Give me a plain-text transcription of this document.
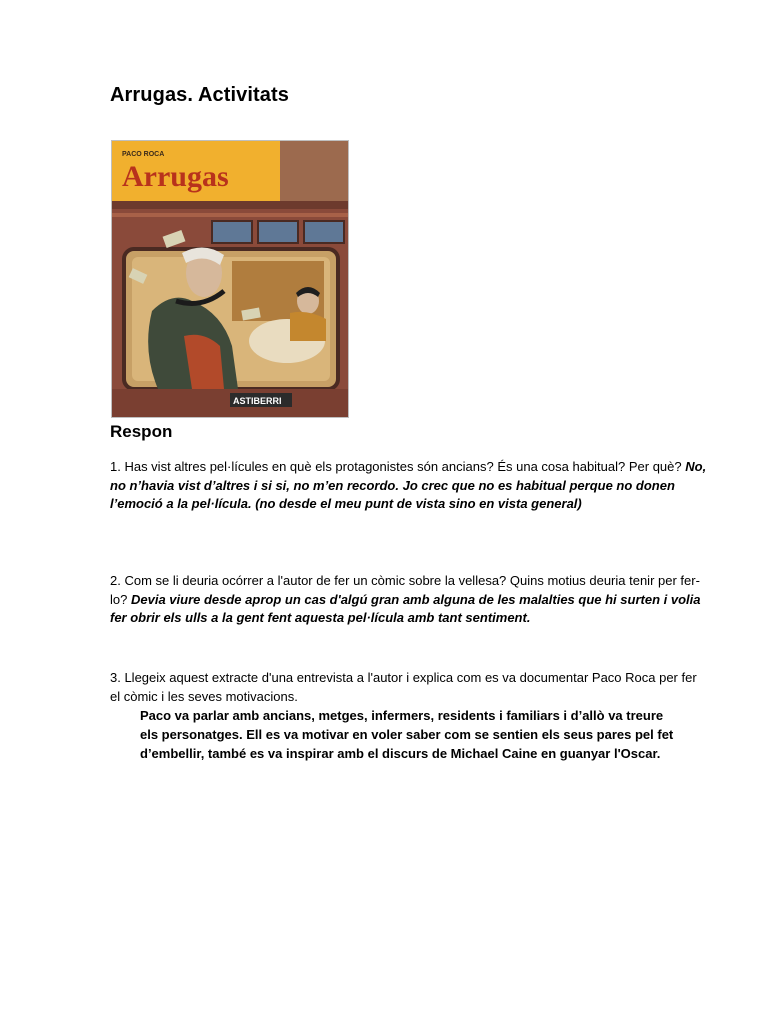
Arrugas. Activitats
PACO ROCA
Arrugas
ASTIBERRI
Respon
1. Has vist altres pel·lícules en què els protagonistes són ancians? És una cosa habitual? Per què? No, no n’havia vist d’altres i si si, no m’en recordo. Jo crec que no es habitual perque no donen l’emoció a la pel·lícula. (no desde el meu punt de vista sino en vista general)
2. Com se li deuria ocórrer a l'autor de fer un còmic sobre la vellesa? Quins motius deuria tenir per fer-lo? Devia viure desde aprop un cas d'algú gran amb alguna de les malalties que hi surten i volia fer obrir els ulls a la gent fent aquesta pel·lícula amb tant sentiment.
3. Llegeix aquest extracte d'una entrevista a l'autor i explica com es va documentar Paco Roca per fer el còmic i les seves motivacions.
Paco va parlar amb ancians, metges, infermers, residents i familiars i d’allò va treure els personatges. Ell es va motivar en voler saber com se sentien els seus pares pel fet d’embellir, també es va inspirar amb el discurs de Michael Caine en guanyar l'Oscar.
